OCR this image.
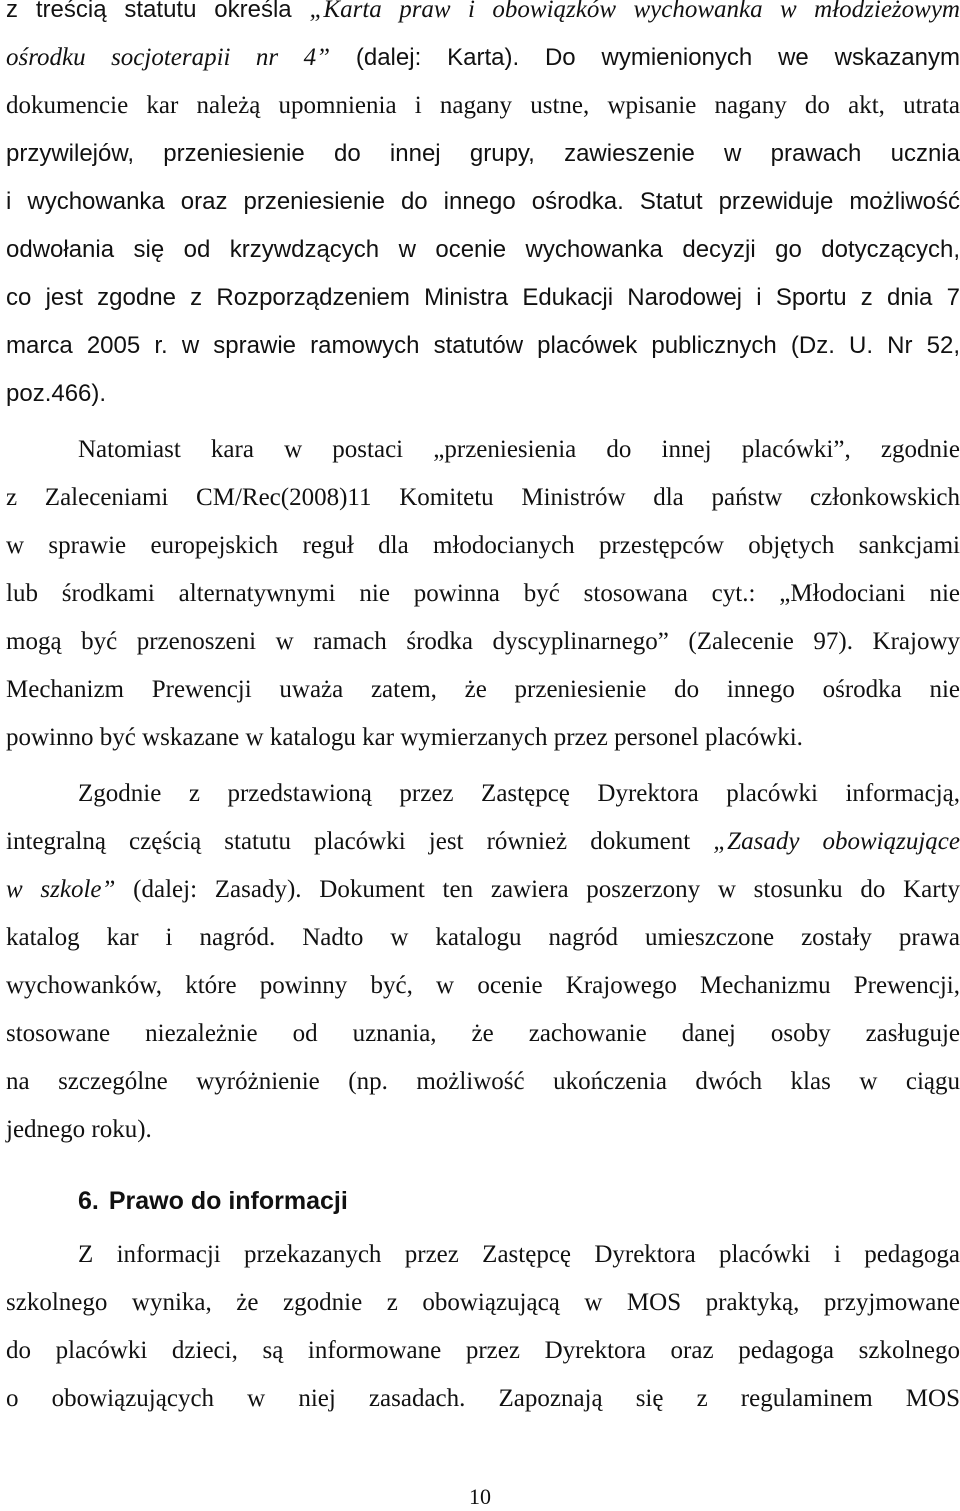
z treścią statutu określa „Karta praw i obowiązków wychowanka w młodzieżowym
ośrodku socjoterapii nr 4” (dalej: Karta). Do wymienionych we wskazanym
dokumencie kar należą upomnienia i nagany ustne, wpisanie nagany do akt, utrata
przywilejów, przeniesienie do innej grupy, zawieszenie w prawach ucznia
i wychowanka oraz przeniesienie do innego ośrodka. Statut przewiduje możliwość
odwołania się od krzywdzących w ocenie wychowanka decyzji go dotyczących,
co jest zgodne z Rozporządzeniem Ministra Edukacji Narodowej i Sportu z dnia 7
marca 2005 r. w sprawie ramowych statutów placówek publicznych (Dz. U. Nr 52,
poz.466).
Natomiast kara w postaci „przeniesienia do innej placówki”, zgodnie
z Zaleceniami CM/Rec(2008)11 Komitetu Ministrów dla państw członkowskich
w sprawie europejskich reguł dla młodocianych przestępców objętych sankcjami
lub środkami alternatywnymi nie powinna być stosowana cyt.: „Młodociani nie
mogą być przenoszeni w ramach środka dyscyplinarnego” (Zalecenie 97). Krajowy
Mechanizm Prewencji uważa zatem, że przeniesienie do innego ośrodka nie
powinno być wskazane w katalogu kar wymierzanych przez personel placówki.
Zgodnie z przedstawioną przez Zastępcę Dyrektora placówki informacją,
integralną częścią statutu placówki jest również dokument „Zasady obowiązujące
w szkole” (dalej: Zasady). Dokument ten zawiera poszerzony w stosunku do Karty
katalog kar i nagród. Nadto w katalogu nagród umieszczone zostały prawa
wychowanków, które powinny być, w ocenie Krajowego Mechanizmu Prewencji,
stosowane niezależnie od uznania, że zachowanie danej osoby zasługuje
na szczególne wyróżnienie (np. możliwość ukończenia dwóch klas w ciągu
jednego roku).
6. Prawo do informacji
Z informacji przekazanych przez Zastępcę Dyrektora placówki i pedagoga
szkolnego wynika, że zgodnie z obowiązującą w MOS praktyką, przyjmowane
do placówki dzieci, są informowane przez Dyrektora oraz pedagoga szkolnego
o obowiązujących w niej zasadach. Zapoznają się z regulaminem MOS
10
